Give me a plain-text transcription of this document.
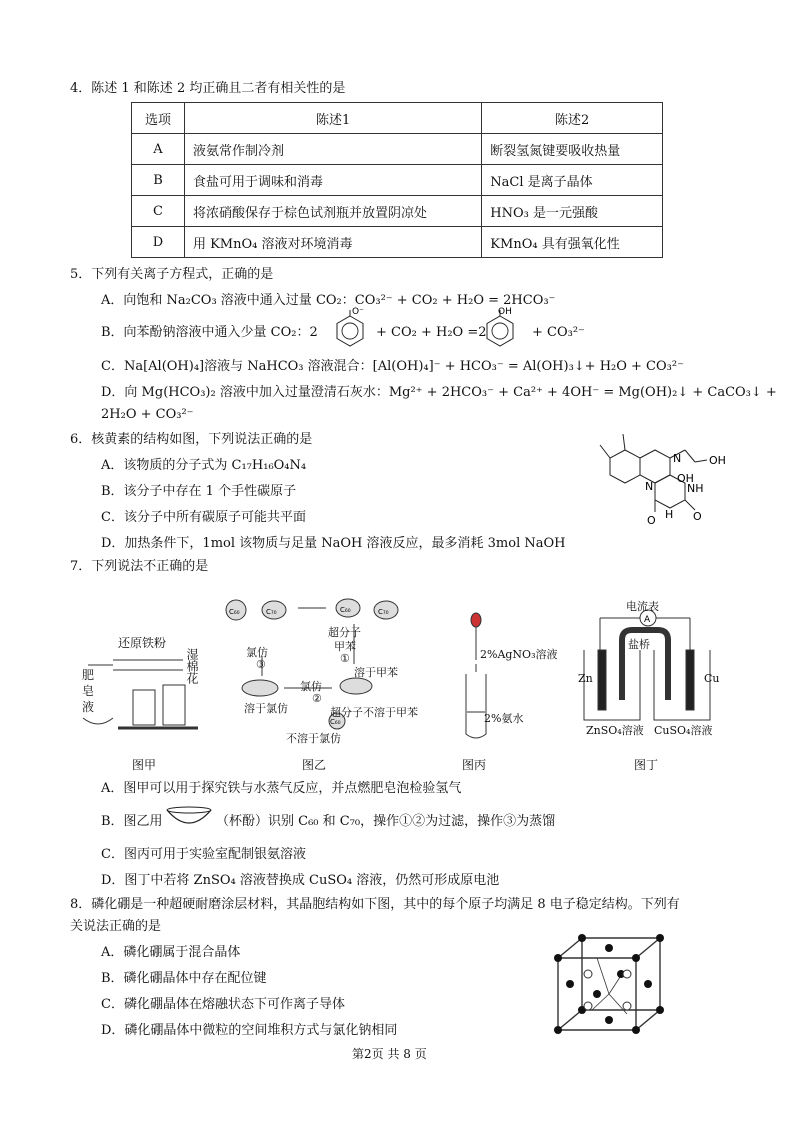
4．陈述 1 和陈述 2 均正确且二者有相关性的是
选项	陈述1	陈述2
A	液氨常作制冷剂	断裂氢氮键要吸收热量
B	食盐可用于调味和消毒	NaCl 是离子晶体
C	将浓硝酸保存于棕色试剂瓶并放置阴凉处	HNO₃ 是一元强酸
D	用 KMnO₄ 溶液对环境消毒	KMnO₄ 具有强氧化性
5．下列有关离子方程式，正确的是
A．向饱和 Na₂CO₃ 溶液中通入过量 CO₂：CO₃²⁻ + CO₂ + H₂O = 2HCO₃⁻
B．向苯酚钠溶液中通入少量 CO₂：2
O⁻
+ CO₂ + H₂O =2
OH
+ CO₃²⁻
C．Na[Al(OH)₄]溶液与 NaHCO₃ 溶液混合：[Al(OH)₄]⁻ + HCO₃⁻ = Al(OH)₃↓+ H₂O + CO₃²⁻
D．向 Mg(HCO₃)₂ 溶液中加入过量澄清石灰水：Mg²⁺ + 2HCO₃⁻ + Ca²⁺ + 4OH⁻ = Mg(OH)₂↓ + CaCO₃↓ +
2H₂O + CO₃²⁻
6．核黄素的结构如图，下列说法正确的是
A．该物质的分子式为 C₁₇H₁₆O₄N₄
B．该分子中存在 1 个手性碳原子
C．该分子中所有碳原子可能共平面
D．加热条件下，1mol 该物质与足量 NaOH 溶液反应，最多消耗 3mol NaOH
N
N	NH
H
O	O
OH
OH
7．下列说法不正确的是
还原铁粉
湿棉花
肥
皂
液
图甲
C₆₀	C₇₀	C₆₀	C₇₀
C₆₀
超分子
甲苯
①
溶于甲苯
氯仿
③
氯仿
②
溶于氯仿	超分子不溶于甲苯
不溶于氯仿
图乙
2%AgNO₃溶液
2%氨水
图丙
A
电流表
盐桥
Zn	Cu
ZnSO₄溶液 CuSO₄溶液
图丁
A．图甲可以用于探究铁与水蒸气反应，并点燃肥皂泡检验氢气
B．图乙用	（杯酚）识别 C₆₀ 和 C₇₀，操作①②为过滤，操作③为蒸馏
C．图丙可用于实验室配制银氨溶液
D．图丁中若将 ZnSO₄ 溶液替换成 CuSO₄ 溶液，仍然可形成原电池
8．磷化硼是一种超硬耐磨涂层材料，其晶胞结构如下图，其中的每个原子均满足 8 电子稳定结构。下列有
关说法正确的是
A．磷化硼属于混合晶体
B．磷化硼晶体中存在配位键
C．磷化硼晶体在熔融状态下可作离子导体
D．磷化硼晶体中微粒的空间堆积方式与氯化钠相同
第2页 共 8 页
